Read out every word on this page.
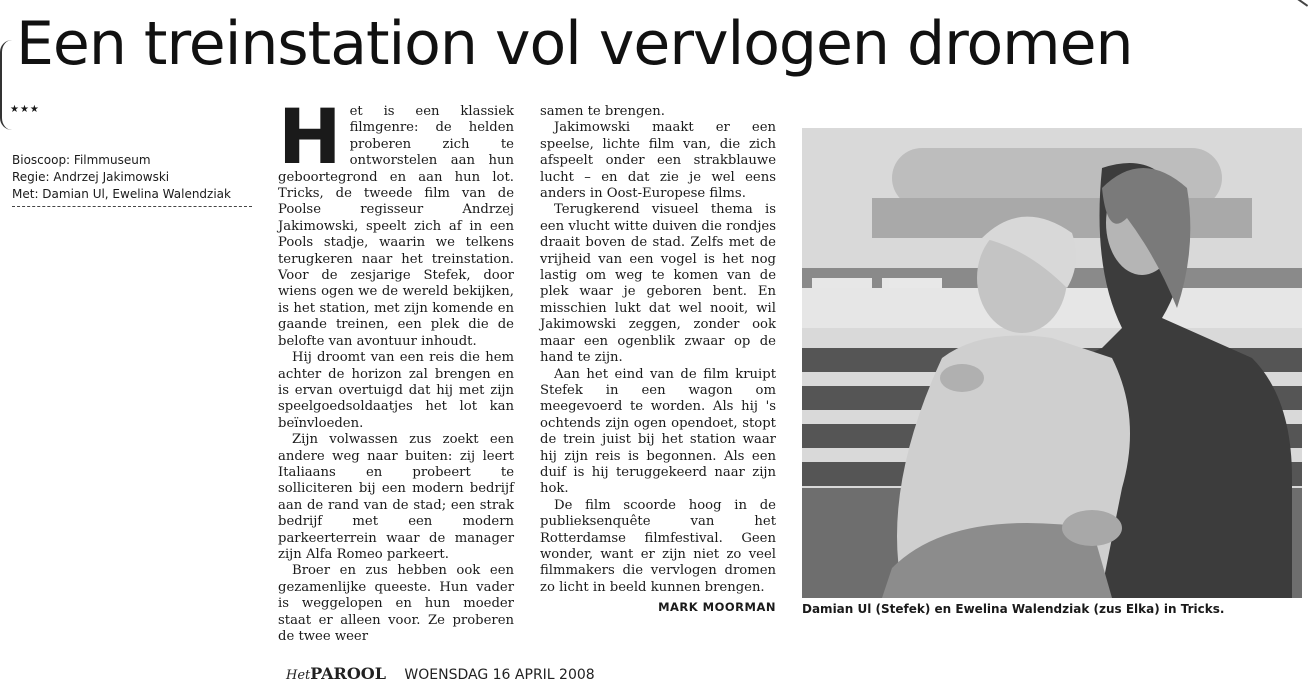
Een treinstation vol vervlogen dromen
★★★
Bioscoop: Filmmuseum
Regie: Andrzej Jakimowski
Met: Damian Ul, Ewelina Walendziak
H et is een klassiek filmgenre: de helden proberen zich te ontworstelen aan hun geboortegrond en aan hun lot. Tricks, de tweede film van de Poolse regisseur Andrzej Jakimowski, speelt zich af in een Pools stadje, waarin we telkens terugkeren naar het treinstation. Voor de zesjarige Stefek, door wiens ogen we de wereld bekijken, is het station, met zijn komende en gaande treinen, een plek die de belofte van avontuur inhoudt.

Hij droomt van een reis die hem achter de horizon zal brengen en is ervan overtuigd dat hij met zijn speelgoedsoldaatjes het lot kan beïnvloeden.

Zijn volwassen zus zoekt een andere weg naar buiten: zij leert Italiaans en probeert te solliciteren bij een modern bedrijf aan de rand van de stad; een strak bedrijf met een modern parkeerterrein waar de manager zijn Alfa Romeo parkeert.

Broer en zus hebben ook een gezamenlijke queeste. Hun vader is weggelopen en hun moeder staat er alleen voor. Ze proberen de twee weer

samen te brengen.

Jakimowski maakt er een speelse, lichte film van, die zich afspeelt onder een strakblauwe lucht – en dat zie je wel eens anders in Oost-Europese films.

Terugkerend visueel thema is een vlucht witte duiven die rondjes draait boven de stad. Zelfs met de vrijheid van een vogel is het nog lastig om weg te komen van de plek waar je geboren bent. En misschien lukt dat wel nooit, wil Jakimowski zeggen, zonder ook maar een ogenblik zwaar op de hand te zijn.

Aan het eind van de film kruipt Stefek in een wagon om meegevoerd te worden. Als hij 's ochtends zijn ogen opendoet, stopt de trein juist bij het station waar hij zijn reis is begonnen. Als een duif is hij teruggekeerd naar zijn hok.

De film scoorde hoog in de publieksenquête van het Rotterdamse filmfestival. Geen wonder, want er zijn niet zo veel filmmakers die vervlogen dromen zo licht in beeld kunnen brengen.

MARK MOORMAN Damian Ul (Stefek) en Ewelina Walendziak (zus Elka) in Tricks.
HetPAROOL WOENSDAG 16 APRIL 2008
